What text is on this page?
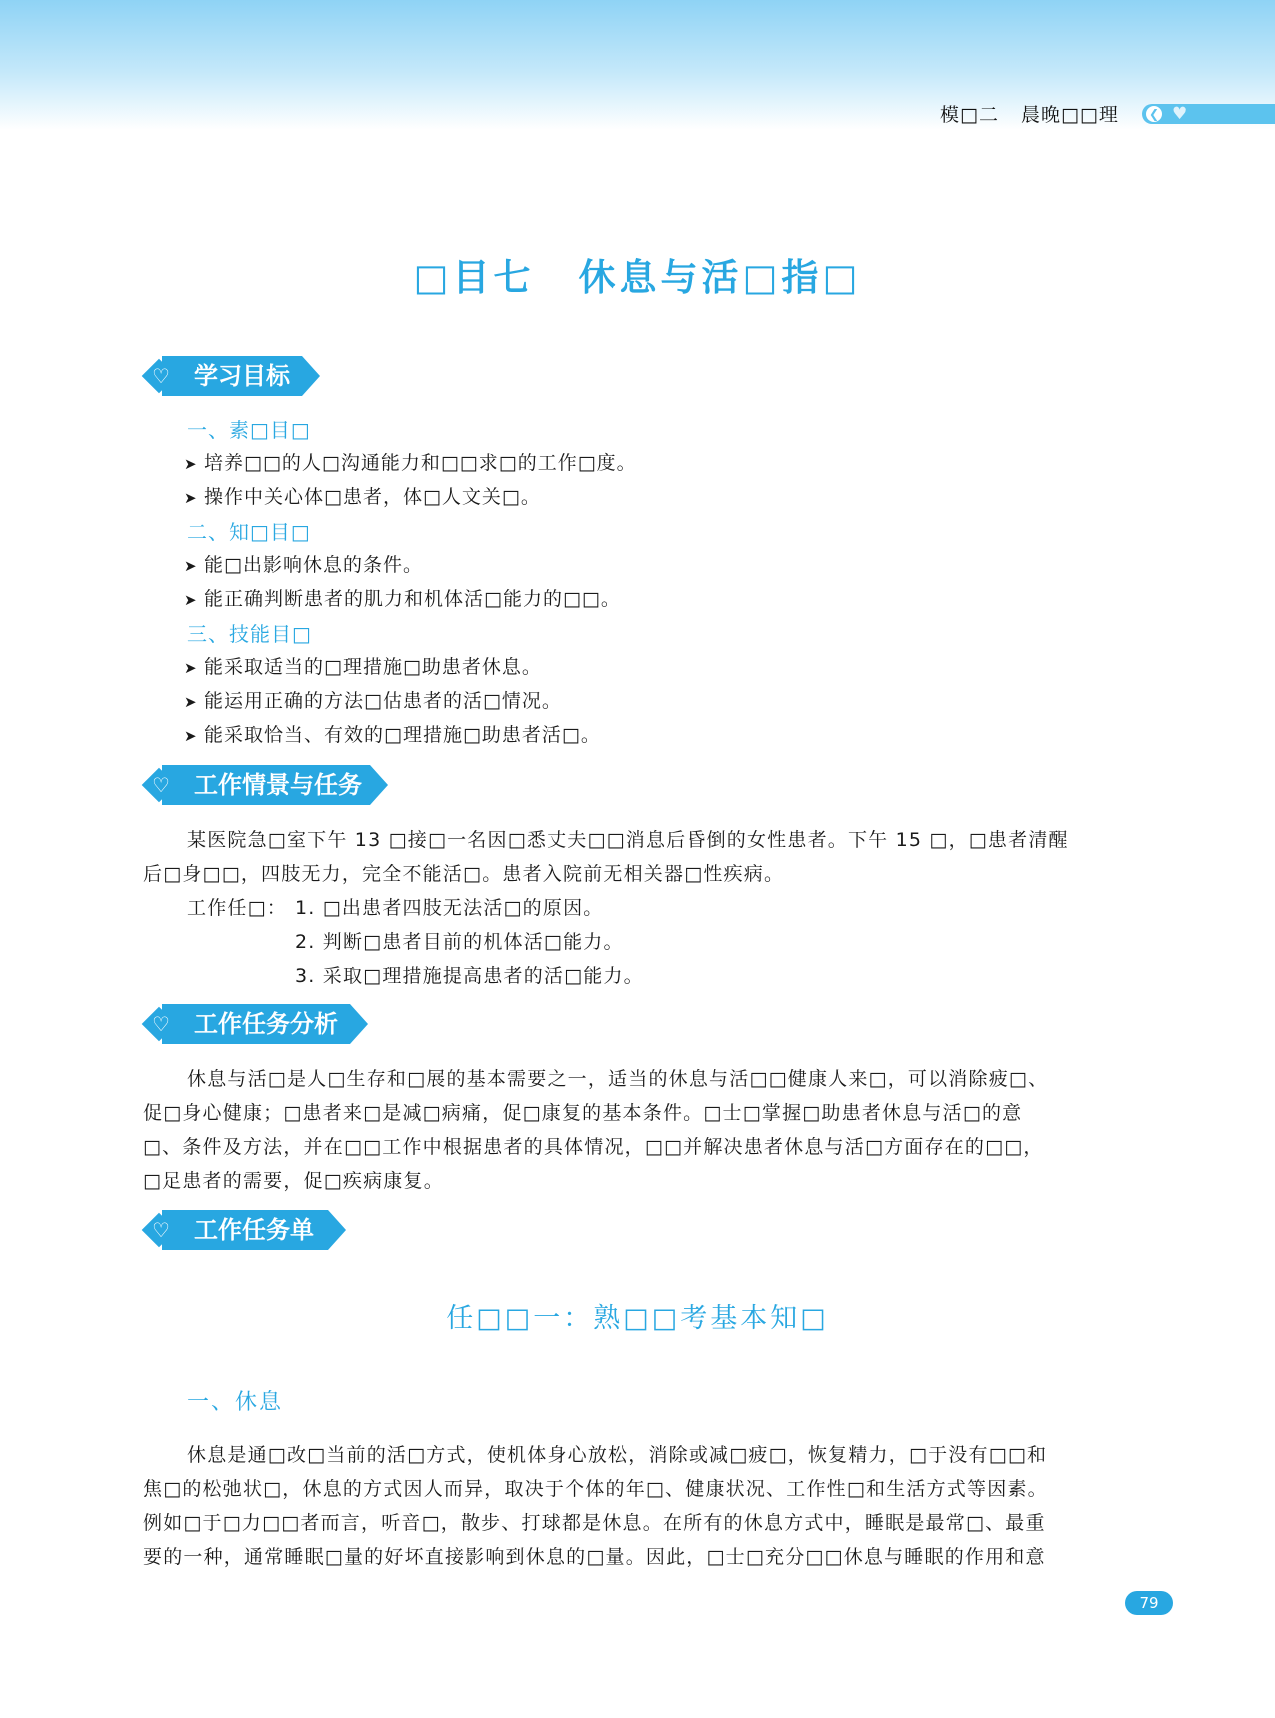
模□二 晨晚□□理	❮ ♥
□目七 休息与活□指□
♡ 学习目标
一、素□目□
➤ 培养□□的人□沟通能力和□□求□的工作□度。
➤ 操作中关心体□患者，体□人文关□。
二、知□目□
➤ 能□出影响休息的条件。
➤ 能正确判断患者的肌力和机体活□能力的□□。
三、技能目□
➤ 能采取适当的□理措施□助患者休息。
➤ 能运用正确的方法□估患者的活□情况。
➤ 能采取恰当、有效的□理措施□助患者活□。
♡ 工作情景与任务
某医院急□室下午 13 □接□一名因□悉丈夫□□消息后昏倒的女性患者。下午 15 □，□患者清醒
后□身□□，四肢无力，完全不能活□。患者入院前无相关器□性疾病。
工作任□： 1. □出患者四肢无法活□的原因。
2. 判断□患者目前的机体活□能力。
3. 采取□理措施提高患者的活□能力。
♡ 工作任务分析
休息与活□是人□生存和□展的基本需要之一，适当的休息与活□□健康人来□，可以消除疲□、
促□身心健康；□患者来□是减□病痛，促□康复的基本条件。□士□掌握□助患者休息与活□的意
□、条件及方法，并在□□工作中根据患者的具体情况，□□并解决患者休息与活□方面存在的□□，
□足患者的需要，促□疾病康复。
♡ 工作任务单
任□□一：熟□□考基本知□
一、休息
休息是通□改□当前的活□方式，使机体身心放松，消除或减□疲□，恢复精力，□于没有□□和
焦□的松弛状□，休息的方式因人而异，取决于个体的年□、健康状况、工作性□和生活方式等因素。
例如□于□力□□者而言，听音□，散步、打球都是休息。在所有的休息方式中，睡眠是最常□、最重
要的一种，通常睡眠□量的好坏直接影响到休息的□量。因此，□士□充分□□休息与睡眠的作用和意
79
